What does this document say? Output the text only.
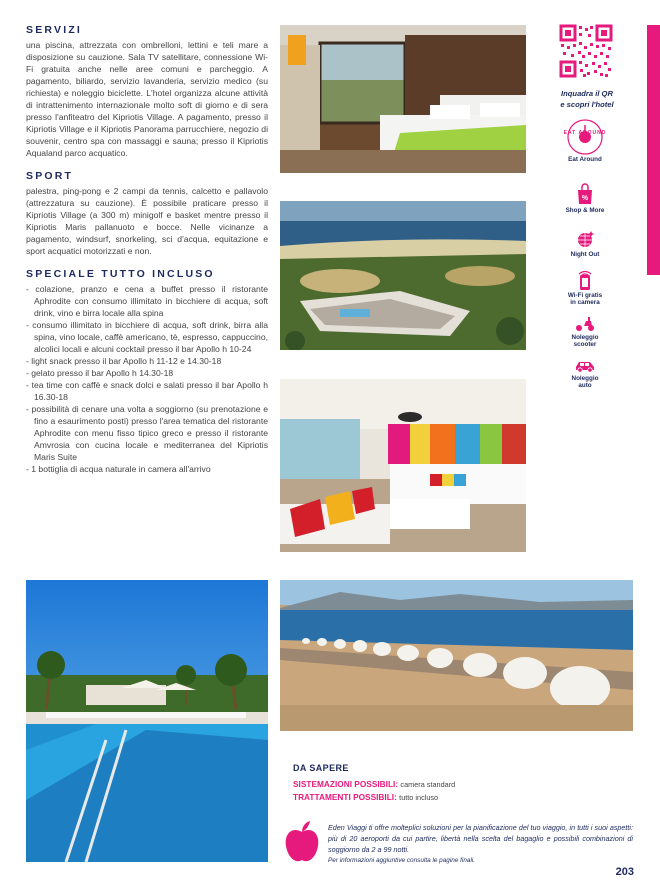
SERVIZI

una piscina, attrezzata con ombrelloni, lettini e teli mare a disposizione su cauzione. Sala TV satellitare, connessione Wi-Fi gratuita anche nelle aree comuni e parcheggio. A pagamento, biliardo, servizio lavanderia, servizio medico (su richiesta) e noleggio biciclette. L'hotel organizza alcune attività di intrattenimento internazionale molto soft di giorno e di sera presso l'anfiteatro del Kipriotis Village. A pagamento, presso il Kipriotis Village e il Kipriotis Panorama parrucchiere, negozio di souvenir, centro spa con massaggi e sauna; presso il Kipriotis Aqualand parco acquatico.

SPORT

palestra, ping-pong e 2 campi da tennis, calcetto e pallavolo (attrezzatura su cauzione). È possibile praticare presso il Kipriotis Village (a 300 m) minigolf e basket mentre presso il Kipriotis Maris pallanuoto e bocce. Nelle vicinanze a pagamento, windsurf, snorkeling, sci d'acqua, equitazione e sport acquatici motorizzati e non.

SPECIALE TUTTO INCLUSO
- colazione, pranzo e cena a buffet presso il ristorante Aphrodite con consumo illimitato in bicchiere di acqua, soft drink, vino e birra locale alla spina
- consumo illimitato in bicchiere di acqua, soft drink, birra alla spina, vino locale, caffè americano, tè, espresso, cappuccino, alcolici locali e alcuni cocktail presso il bar Apollo h 10-24
- light snack presso il bar Apollo h 11-12 e 14.30-18
- gelato presso il bar Apollo h 14.30-18
- tea time con caffè e snack dolci e salati presso il bar Apollo h 16.30-18
- possibilità di cenare una volta a soggiorno (su prenotazione e fino a esaurimento posti) presso l'area tematica del ristorante Aphrodite con menu fisso tipico greco e presso il ristorante Amvrosia con cucina locale e mediterranea del Kipriotis Maris Suite
- 1 bottiglia di acqua naturale in camera all'arrivo
Inquadra il QR
e scopri l'hotel
EAT AROUND
Eat Around
%
Shop & More
Night Out
Wi-Fi gratis
in camera
Noleggio
scooter
Noleggio
auto
DA SAPERE
SISTEMAZIONI POSSIBILI: camera standard
TRATTAMENTI POSSIBILI: tutto incluso

Eden Viaggi ti offre molteplici soluzioni per la pianificazione del tuo viaggio, in tutti i suoi aspetti: più di 20 aeroporti da cui partire, libertà nella scelta del bagaglio e possibili combinazioni di soggiorno da 2 a 99 notti.

Per informazioni aggiuntive consulta le pagine finali.

203
